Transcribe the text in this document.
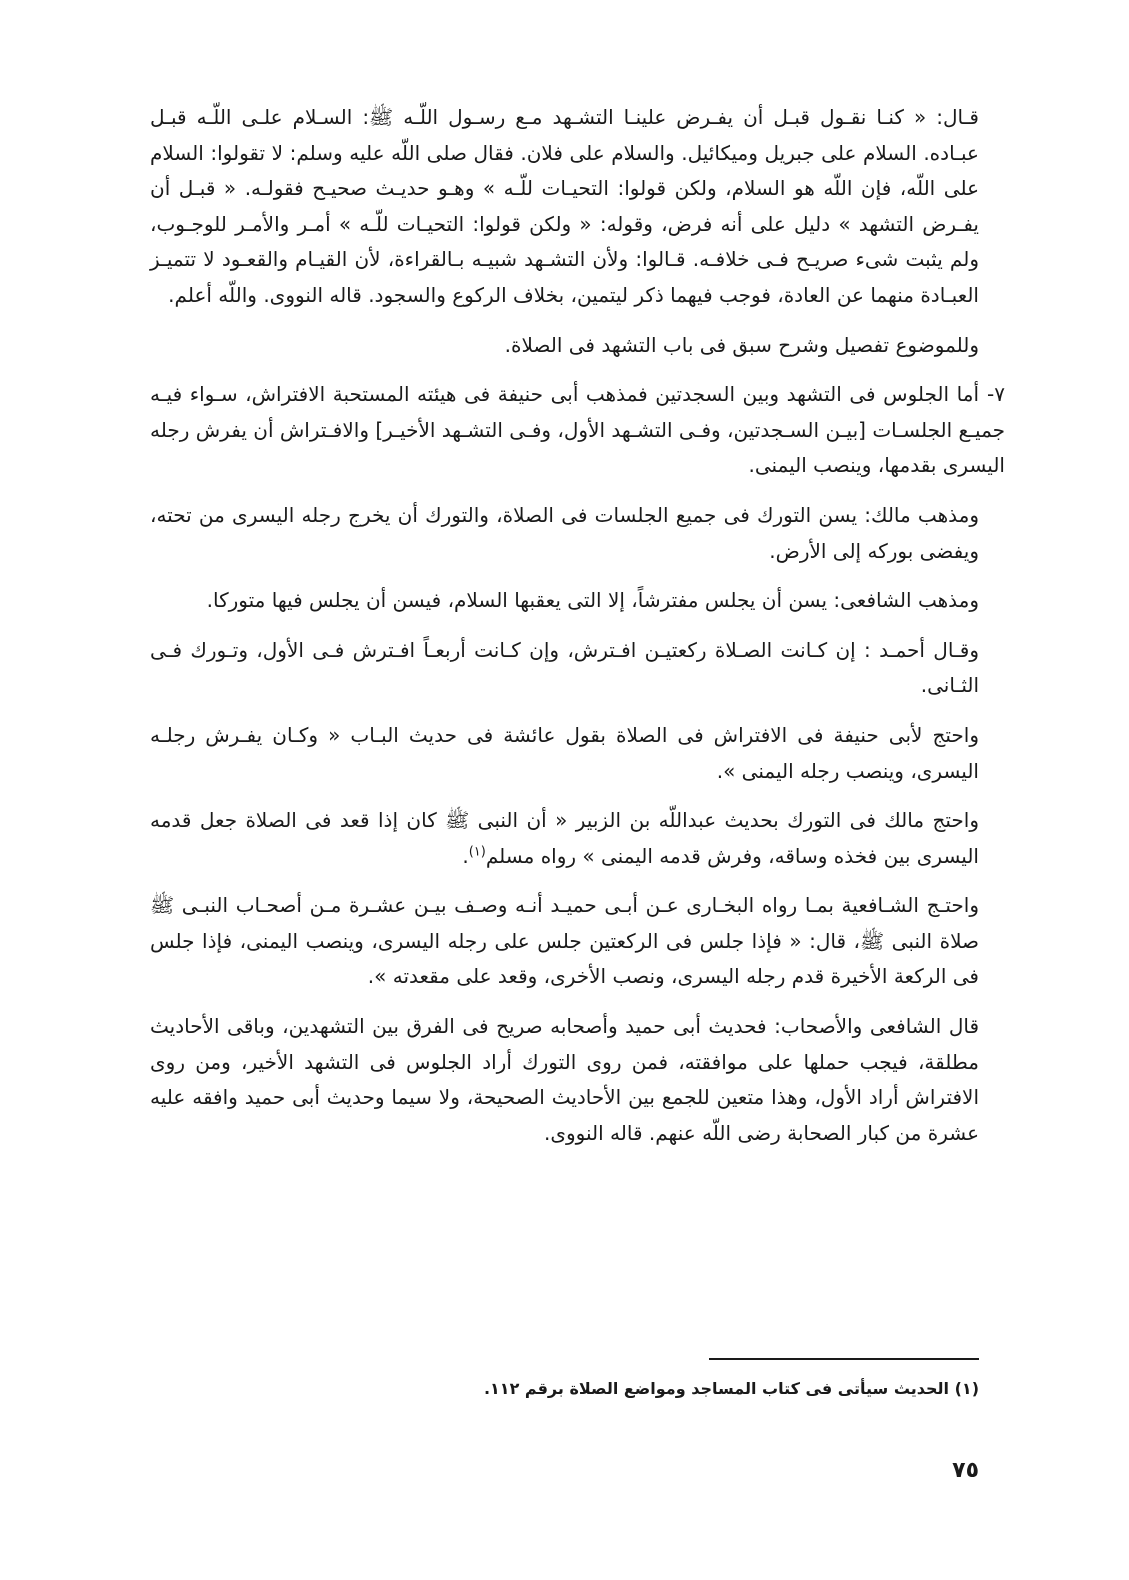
قـال: « كنـا نقـول قبـل أن يفـرض علينـا التشـهد مـع رسـول اللّـه ﷺ: السـلام علـى اللّـه قبـل عبـاده. السلام على جبريل وميكائيل. والسلام على فلان. فقال صلى اللّه عليه وسلم: لا تقولوا: السلام على اللّه، فإن اللّه هو السلام، ولكن قولوا: التحيـات للّـه » وهـو حديـث صحيـح فقولـه. « قبـل أن يفـرض التشهد » دليل على أنه فرض، وقوله: « ولكن قولوا: التحيـات للّـه » أمـر والأمـر للوجـوب، ولم يثبت شىء صريـح فـى خلافـه. قـالوا: ولأن التشـهد شبيـه بـالقراءة، لأن القيـام والقعـود لا تتميـز العبـادة منهما عن العادة، فوجب فيهما ذكر ليتمين، بخلاف الركوع والسجود. قاله النووى. واللّه أعلم.

وللموضوع تفصيل وشرح سبق فى باب التشهد فى الصلاة.

٧-أما الجلوس فى التشهد وبين السجدتين فمذهب أبى حنيفة فى هيئته المستحبة الافتراش، سـواء فيـه جميـع الجلسـات [بيـن السـجدتين، وفـى التشـهد الأول، وفـى التشـهد الأخيـر] والافـتراش أن يفرش رجله اليسرى بقدمها، وينصب اليمنى.

ومذهب مالك: يسن التورك فى جميع الجلسات فى الصلاة، والتورك أن يخرج رجله اليسرى من تحته، ويفضى بوركه إلى الأرض.

ومذهب الشافعى: يسن أن يجلس مفترشاً، إلا التى يعقبها السلام، فيسن أن يجلس فيها متوركا.

وقـال أحمـد : إن كـانت الصـلاة ركعتيـن افـترش، وإن كـانت أربعـاً افـترش فـى الأول، وتـورك فـى الثـانى.

واحتج لأبى حنيفة فى الافتراش فى الصلاة بقول عائشة فى حديث البـاب « وكـان يفـرش رجلـه اليسرى، وينصب رجله اليمنى ».

واحتج مالك فى التورك بحديث عبداللّه بن الزبير « أن النبى ﷺ كان إذا قعد فى الصلاة جعل قدمه اليسرى بين فخذه وساقه، وفرش قدمه اليمنى » رواه مسلم$^{(١)}$.

واحتـج الشـافعية بمـا رواه البخـارى عـن أبـى حميـد أنـه وصـف بيـن عشـرة مـن أصحـاب النبـى ﷺ صلاة النبى ﷺ، قال: « فإذا جلس فى الركعتين جلس على رجله اليسرى، وينصب اليمنى، فإذا جلس فى الركعة الأخيرة قدم رجله اليسرى، ونصب الأخرى، وقعد على مقعدته ».

قال الشافعى والأصحاب: فحديث أبى حميد وأصحابه صريح فى الفرق بين التشهدين، وباقى الأحاديث مطلقة، فيجب حملها على موافقته، فمن روى التورك أراد الجلوس فى التشهد الأخير، ومن روى الافتراش أراد الأول، وهذا متعين للجمع بين الأحاديث الصحيحة، ولا سيما وحديث أبى حميد وافقه عليه عشرة من كبار الصحابة رضى اللّه عنهم. قاله النووى.

(١) الحديث سيأتى فى كتاب المساجد ومواضع الصلاة برقم ١١٢.
٧٥
